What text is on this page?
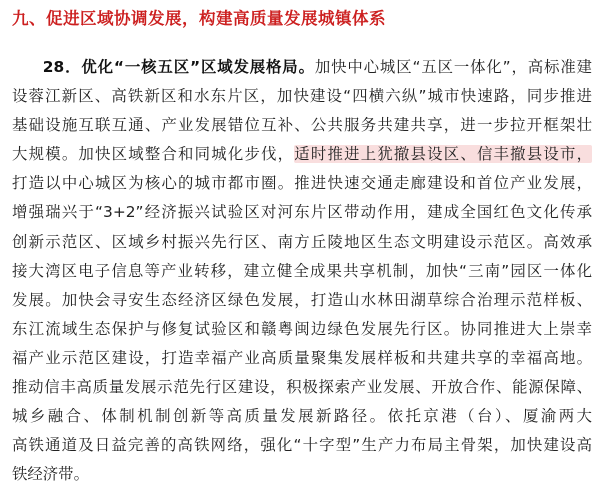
九、促进区域协调发展，构建高质量发展城镇体系
28．优化“一核五区”区域发展格局。加快中心城区“五区一体化”，高标准建
设蓉江新区、高铁新区和水东片区，加快建设“四横六纵”城市快速路，同步推进
基础设施互联互通、产业发展错位互补、公共服务共建共享，进一步拉开框架壮
大规模。加快区域整合和同城化步伐，适时推进上犹撤县设区、信丰撤县设市，
打造以中心城区为核心的城市都市圈。推进快速交通走廊建设和首位产业发展，
增强瑞兴于“3+2”经济振兴试验区对河东片区带动作用，建成全国红色文化传承
创新示范区、区域乡村振兴先行区、南方丘陵地区生态文明建设示范区。高效承
接大湾区电子信息等产业转移，建立健全成果共享机制，加快“三南”园区一体化
发展。加快会寻安生态经济区绿色发展，打造山水林田湖草综合治理示范样板、
东江流域生态保护与修复试验区和赣粤闽边绿色发展先行区。协同推进大上崇幸
福产业示范区建设，打造幸福产业高质量聚集发展样板和共建共享的幸福高地。
推动信丰高质量发展示范先行区建设，积极探索产业发展、开放合作、能源保障、
城乡融合、体制机制创新等高质量发展新路径。依托京港（台）、厦渝两大
高铁通道及日益完善的高铁网络，强化“十字型”生产力布局主骨架，加快建设高
铁经济带。
